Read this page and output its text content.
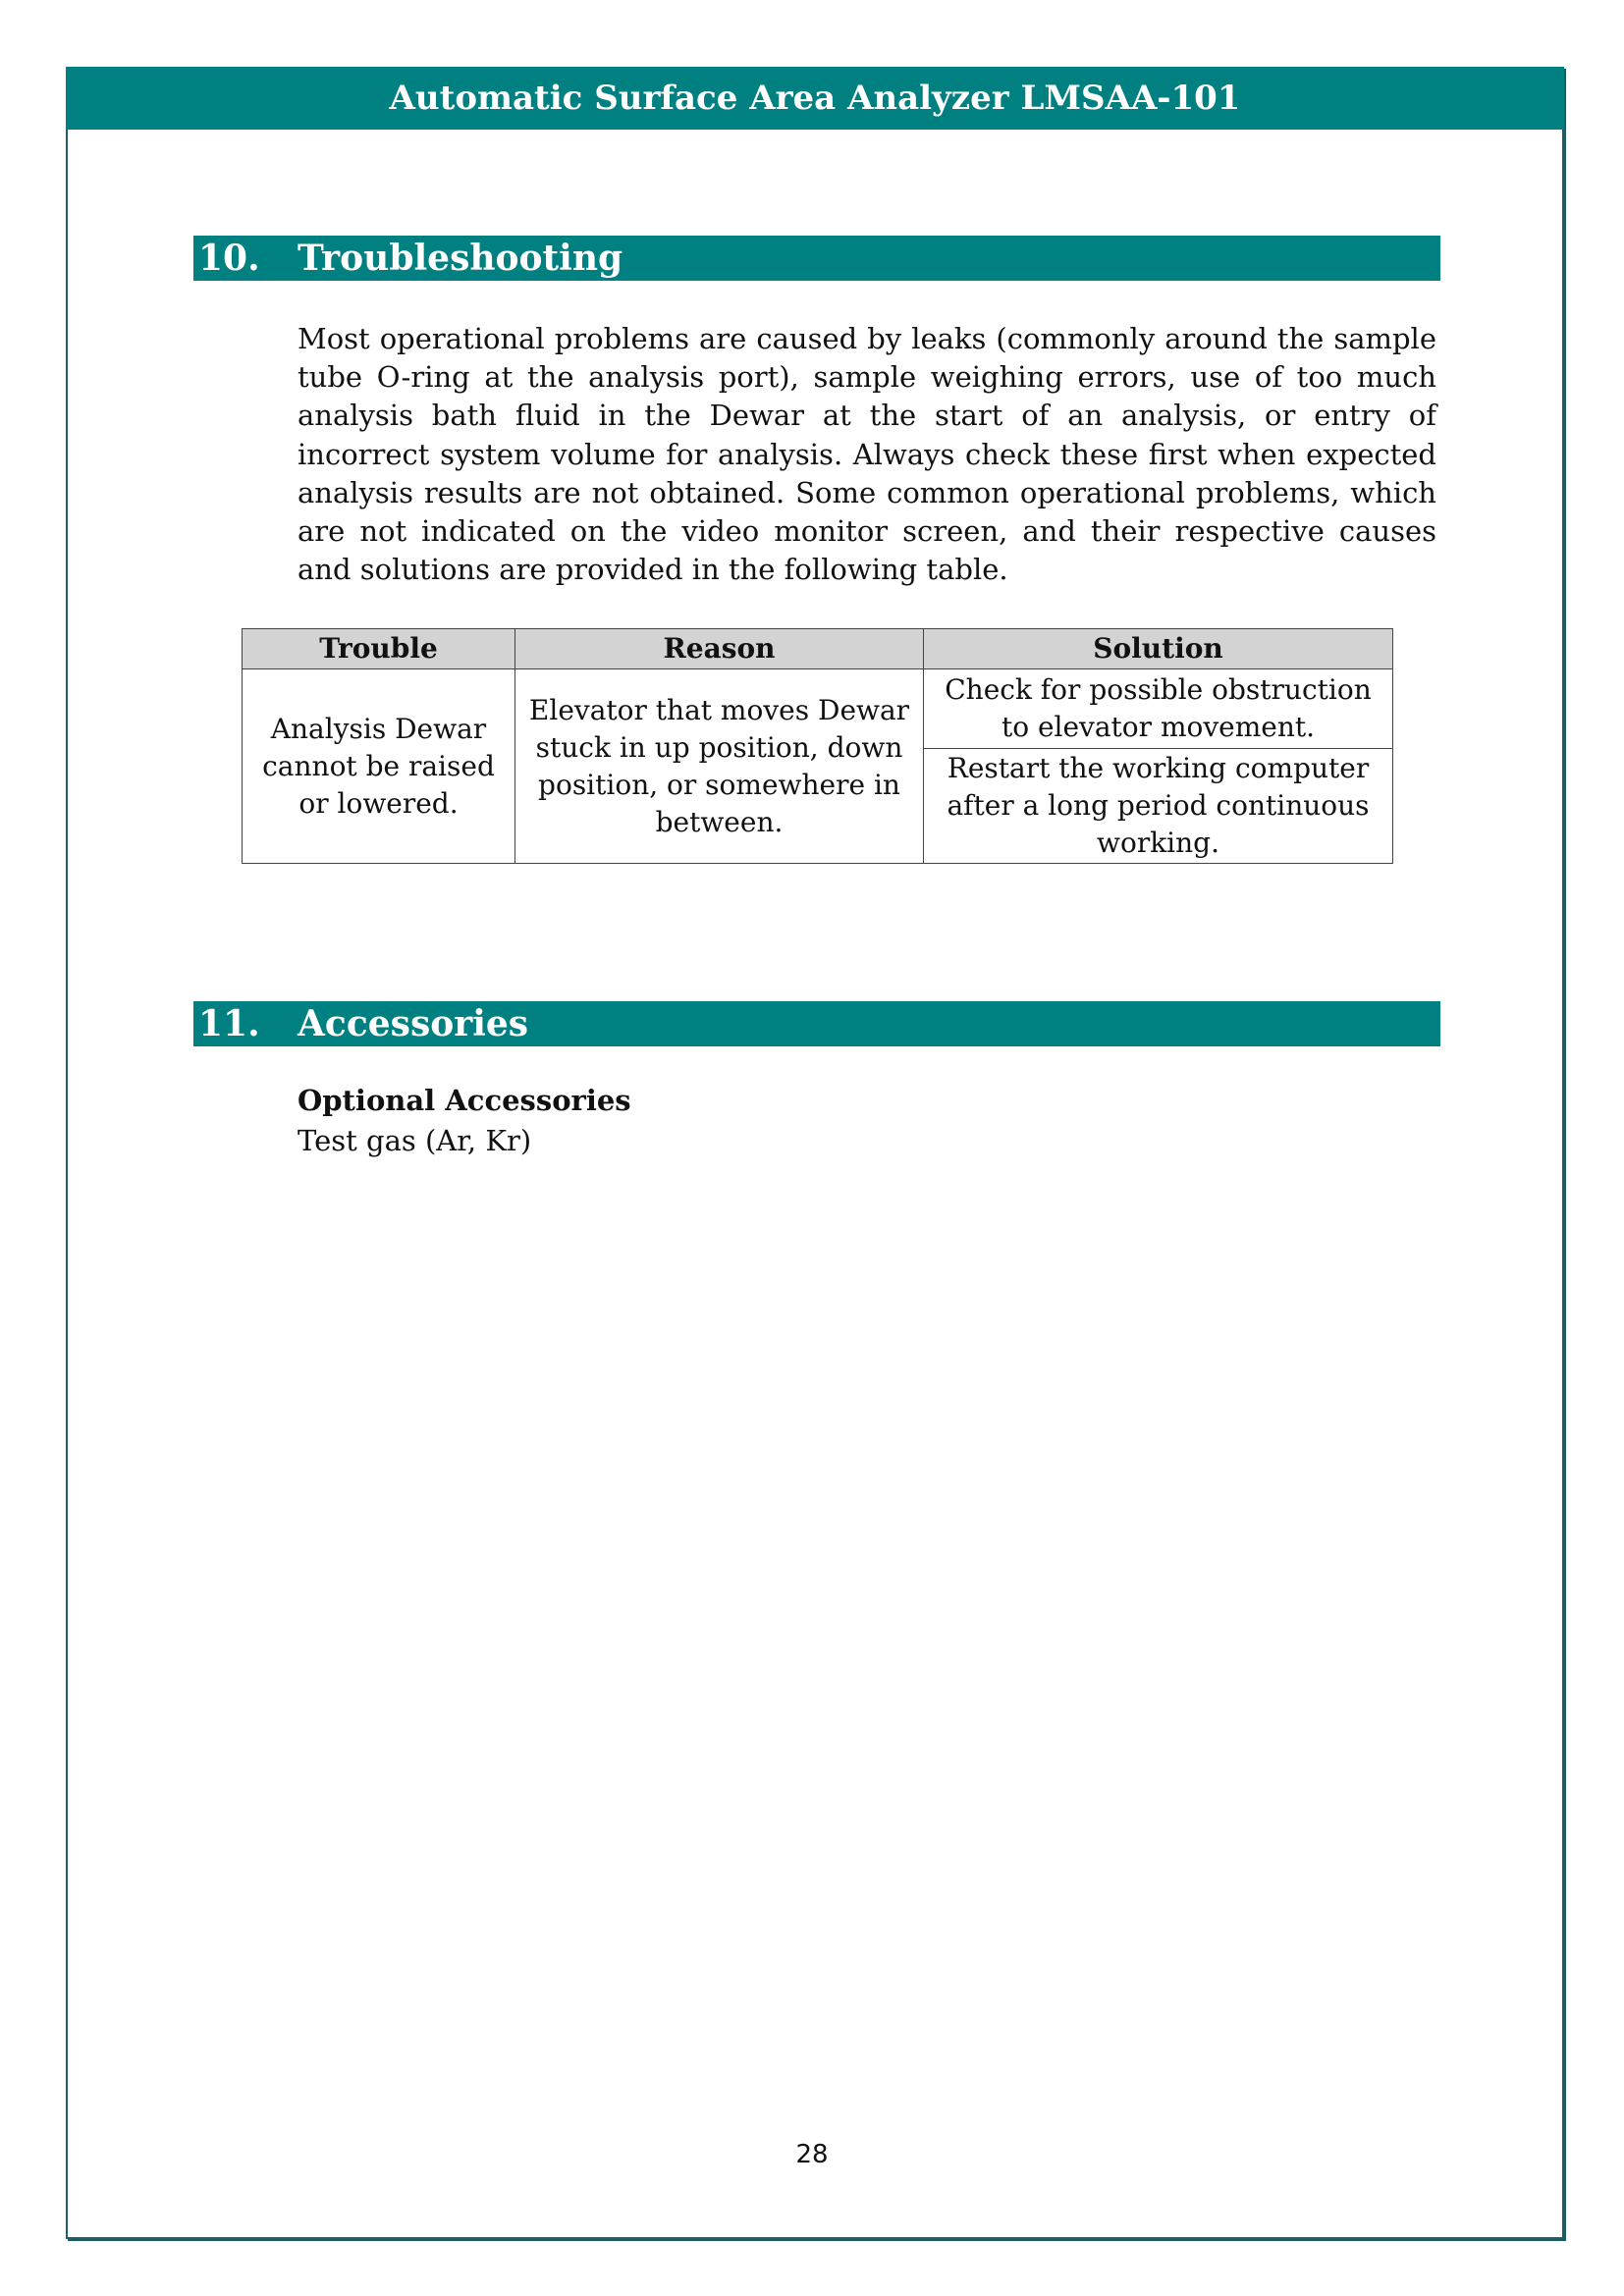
Automatic Surface Area Analyzer LMSAA-101
10. Troubleshooting

Most operational problems are caused by leaks (commonly around the sample tube O-ring at the analysis port), sample weighing errors, use of too much analysis bath fluid in the Dewar at the start of an analysis, or entry of incorrect system volume for analysis. Always check these first when expected analysis results are not obtained. Some common operational problems, which are not indicated on the video monitor screen, and their respective causes and solutions are provided in the following table.

Trouble	Reason	Solution
Analysis Dewar cannot be raised or lowered.	Elevator that moves Dewar stuck in up position, down position, or somewhere in between.	Check for possible obstruction to elevator movement.
		Restart the working computer after a long period continuous working.
11. Accessories
Optional Accessories
Test gas (Ar, Kr)
28
